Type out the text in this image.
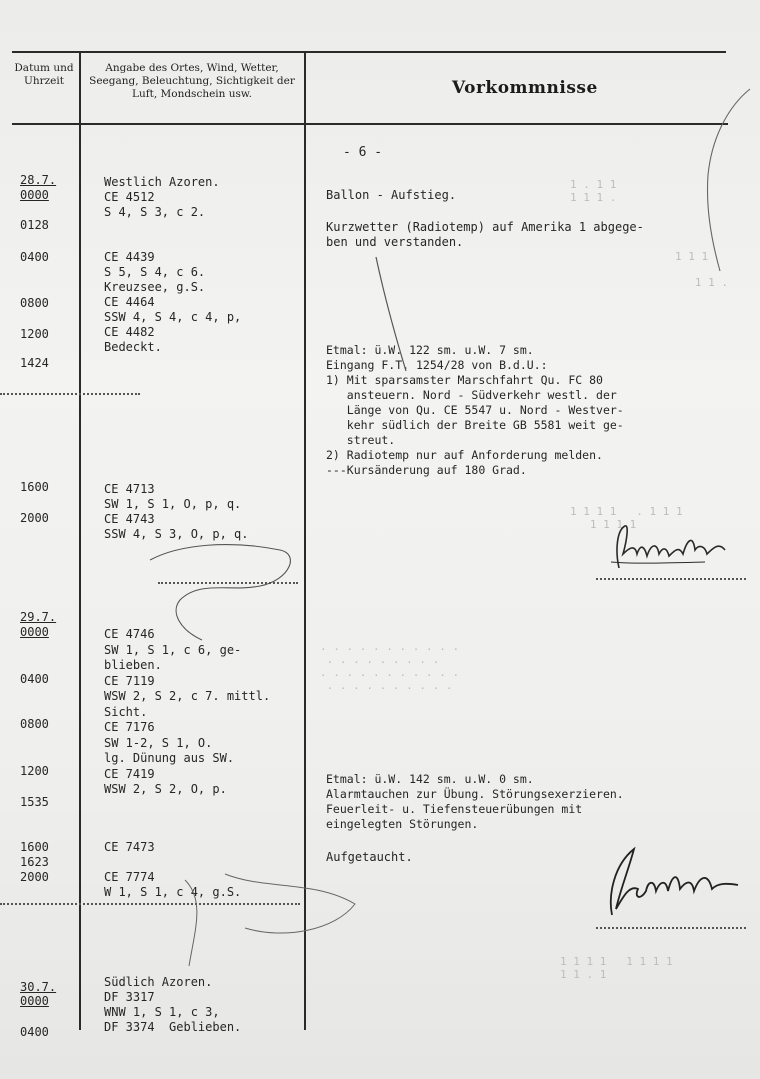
1 . 1 1
1 1 1 .
1 1 1

1 1 .
1 1 1 1   . 1 1 1
1 1 1 1
. . . . . . . . . . .
. . . . . . . . .
. . . . . . . . . . .
. . . . . . . . . .
1 1 1 1   1 1 1 1
1 1 . 1
Datum und Uhrzeit
Angabe des Ortes, Wind, Wetter, Seegang, Beleuchtung, Sichtigkeit der Luft, Mondschein usw.	Vorkommnisse
- 6 -
28.7.
0000
0128
0400
0800
1200
1424
1600
2000
29.7.
0000
0400
0800
1200
1535
1600
1623
2000
30.7.
0000
0400
Westlich Azoren.
CE 4512
S 4, S 3, c 2.
CE 4439
S 5, S 4, c 6.
Kreuzsee, g.S.
CE 4464
SSW 4, S 4, c 4, p,
CE 4482
Bedeckt.
CE 4713
SW 1, S 1, O, p, q.
CE 4743
SSW 4, S 3, O, p, q.
CE 4746
SW 1, S 1, c 6, ge-
blieben.
CE 7119
WSW 2, S 2, c 7. mittl.
Sicht.
CE 7176
SW 1-2, S 1, O.
lg. Dünung aus SW.
CE 7419
WSW 2, S 2, O, p.
CE 7473

CE 7774
W 1, S 1, c 4, g.S.
Südlich Azoren.
DF 3317
WNW 1, S 1, c 3,
DF 3374  Geblieben.
Ballon - Aufstieg.
Kurzwetter (Radiotemp) auf Amerika 1 abgege-
ben und verstanden.
Etmal: ü.W. 122 sm. u.W. 7 sm.
Eingang F.T. 1254/28 von B.d.U.:
1) Mit sparsamster Marschfahrt Qu. FC 80
ansteuern. Nord - Südverkehr westl. der
Länge von Qu. CE 5547 u. Nord - Westver-
kehr südlich der Breite GB 5581 weit ge-
streut.
2) Radiotemp nur auf Anforderung melden.
---Kursänderung auf 180 Grad.
Etmal: ü.W. 142 sm. u.W. 0 sm.
Alarmtauchen zur Übung. Störungsexerzieren.
Feuerleit- u. Tiefensteuerübungen mit
eingelegten Störungen.
Aufgetaucht.
